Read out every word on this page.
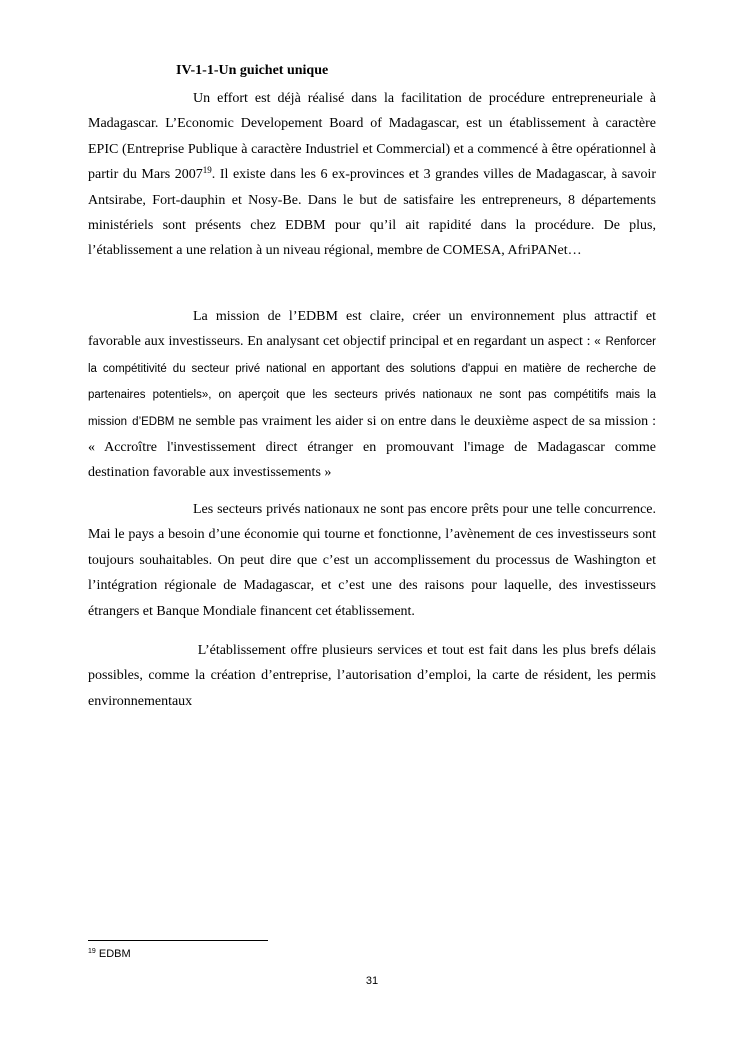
IV-1-1-Un guichet unique

Un effort est déjà réalisé dans la facilitation de procédure entrepreneuriale à Madagascar. L’Economic Developement Board of Madagascar, est un établissement à caractère EPIC (Entreprise Publique à caractère Industriel et Commercial) et a commencé à être opérationnel à partir du Mars 2007$^{19}$. Il existe dans les 6 ex-provinces et 3 grandes villes de Madagascar, à savoir Antsirabe, Fort-dauphin et Nosy-Be. Dans le but de satisfaire les entrepreneurs, 8 départements ministériels sont présents chez EDBM pour qu’il ait rapidité dans la procédure. De plus, l’établissement a une relation à un niveau régional, membre de COMESA, AfriPANet…

La mission de l’EDBM est claire, créer un environnement plus attractif et favorable aux investisseurs. En analysant cet objectif principal et en regardant un aspect : « Renforcer la compétitivité du secteur privé national en apportant des solutions d'appui en matière de recherche de partenaires potentiels», on aperçoit que les secteurs privés nationaux ne sont pas compétitifs mais la mission d’EDBM ne semble pas vraiment les aider si on entre dans le deuxième aspect de sa mission : « Accroître l'investissement direct étranger en promouvant l'image de Madagascar comme destination favorable aux investissements »

Les secteurs privés nationaux ne sont pas encore prêts pour une telle concurrence. Mai le pays a besoin d’une économie qui tourne et fonctionne, l’avènement de ces investisseurs sont toujours souhaitables. On peut dire que c’est un accomplissement du processus de Washington et l’intégration régionale de Madagascar, et c’est une des raisons pour laquelle, des investisseurs étrangers et Banque Mondiale financent cet établissement.

L’établissement offre plusieurs services et tout est fait dans les plus brefs délais possibles, comme la création d’entreprise, l’autorisation d’emploi, la carte de résident, les permis environnementaux

$^{19}$ EDBM
31
